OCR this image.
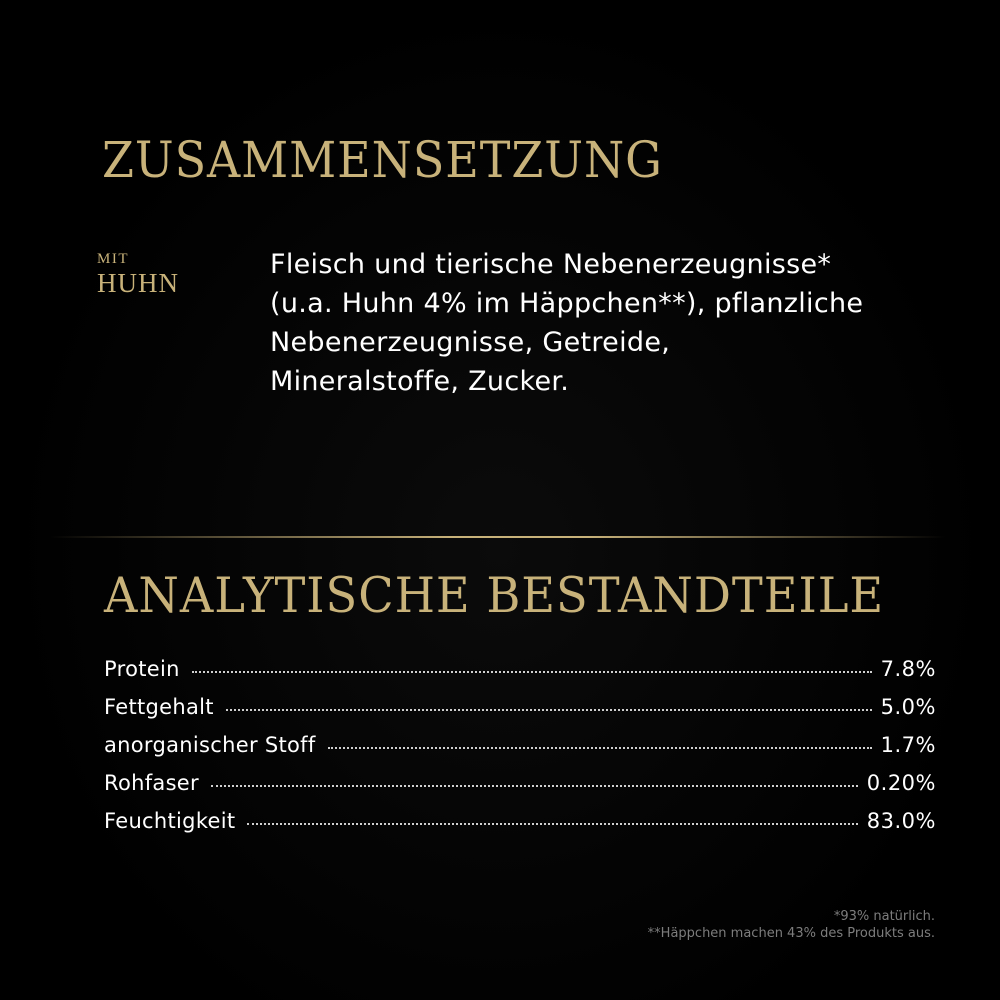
ZUSAMMENSETZUNG
MIT
HUHN

Fleisch und tierische Nebenerzeugnisse*
(u.a. Huhn 4% im Häppchen**), pflanzliche
Nebenerzeugnisse, Getreide,
Mineralstoffe, Zucker.

ANALYTISCHE BESTANDTEILE
Protein	7.8%
Fettgehalt	5.0%
anorganischer Stoff	1.7%
Rohfaser	0.20%
Feuchtigkeit	83.0%
*93% natürlich.
**Häppchen machen 43% des Produkts aus.
